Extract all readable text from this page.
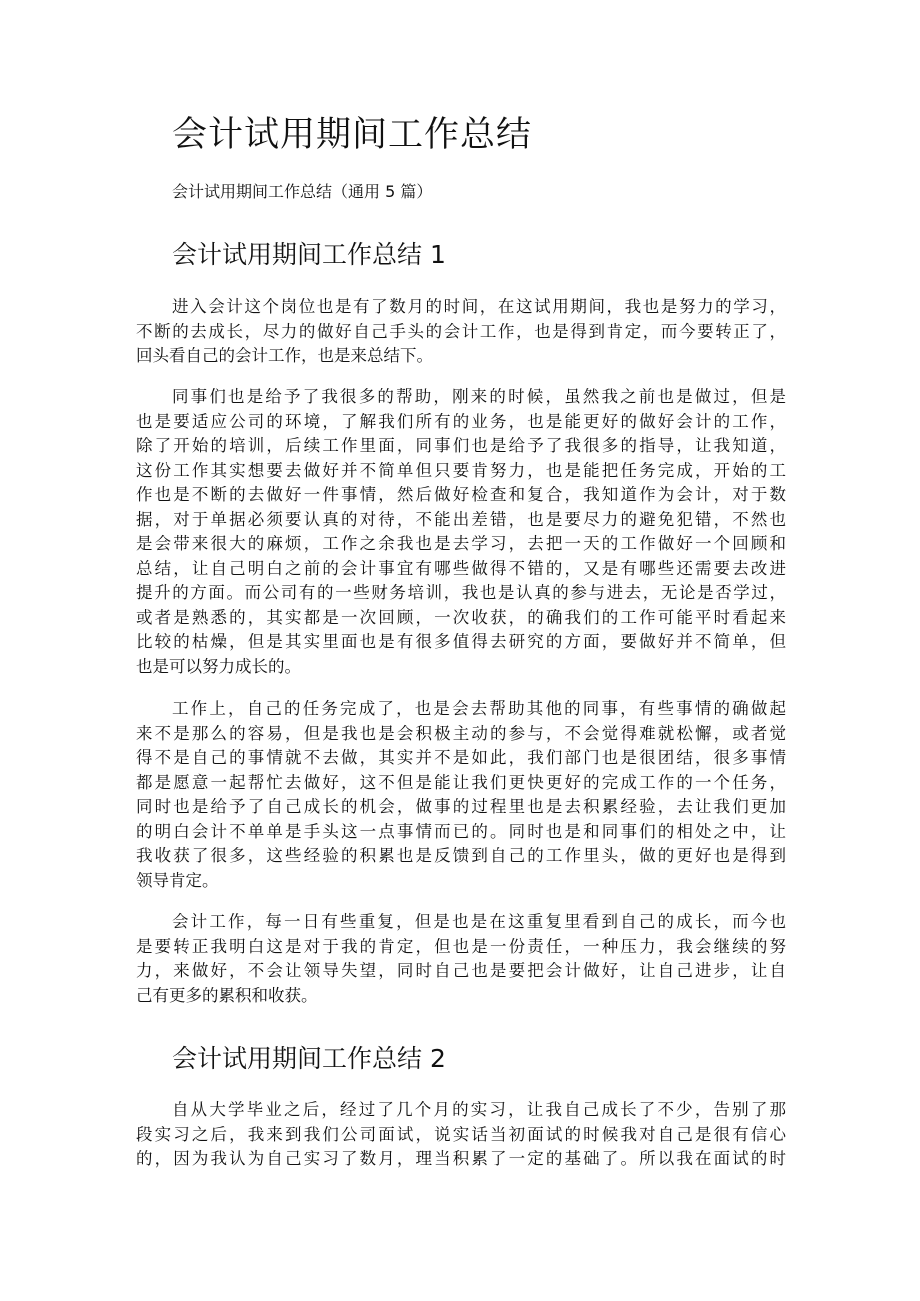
会计试用期间工作总结
会计试用期间工作总结（通用 5 篇）
会计试用期间工作总结 1
进入会计这个岗位也是有了数月的时间，在这试用期间，我也是努力的学习，
不断的去成长，尽力的做好自己手头的会计工作，也是得到肯定，而今要转正了，
回头看自己的会计工作，也是来总结下。
同事们也是给予了我很多的帮助，刚来的时候，虽然我之前也是做过，但是
也是要适应公司的环境，了解我们所有的业务，也是能更好的做好会计的工作，
除了开始的培训，后续工作里面，同事们也是给予了我很多的指导，让我知道，
这份工作其实想要去做好并不简单但只要肯努力，也是能把任务完成，开始的工
作也是不断的去做好一件事情，然后做好检查和复合，我知道作为会计，对于数
据，对于单据必须要认真的对待，不能出差错，也是要尽力的避免犯错，不然也
是会带来很大的麻烦，工作之余我也是去学习，去把一天的工作做好一个回顾和
总结，让自己明白之前的会计事宜有哪些做得不错的，又是有哪些还需要去改进
提升的方面。而公司有的一些财务培训，我也是认真的参与进去，无论是否学过，
或者是熟悉的，其实都是一次回顾，一次收获，的确我们的工作可能平时看起来
比较的枯燥，但是其实里面也是有很多值得去研究的方面，要做好并不简单，但
也是可以努力成长的。
工作上，自己的任务完成了，也是会去帮助其他的同事，有些事情的确做起
来不是那么的容易，但是我也是会积极主动的参与，不会觉得难就松懈，或者觉
得不是自己的事情就不去做，其实并不是如此，我们部门也是很团结，很多事情
都是愿意一起帮忙去做好，这不但是能让我们更快更好的完成工作的一个任务，
同时也是给予了自己成长的机会，做事的过程里也是去积累经验，去让我们更加
的明白会计不单单是手头这一点事情而已的。同时也是和同事们的相处之中，让
我收获了很多，这些经验的积累也是反馈到自己的工作里头，做的更好也是得到
领导肯定。
会计工作，每一日有些重复，但是也是在这重复里看到自己的成长，而今也
是要转正我明白这是对于我的肯定，但也是一份责任，一种压力，我会继续的努
力，来做好，不会让领导失望，同时自己也是要把会计做好，让自己进步，让自
己有更多的累积和收获。
会计试用期间工作总结 2
自从大学毕业之后，经过了几个月的实习，让我自己成长了不少，告别了那
段实习之后，我来到我们公司面试，说实话当初面试的时候我对自己是很有信心
的，因为我认为自己实习了数月，理当积累了一定的基础了。所以我在面试的时
